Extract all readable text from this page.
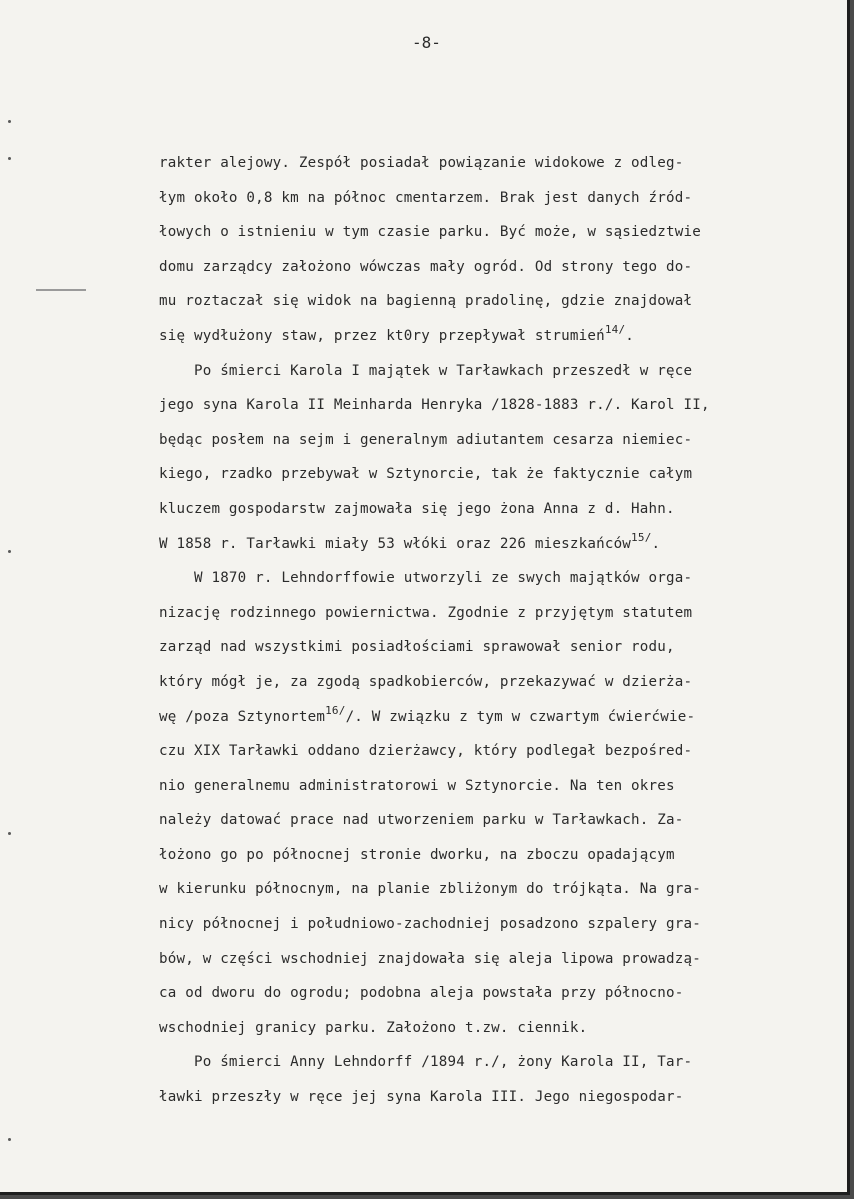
-8-
rakter alejowy. Zespół posiadał powiązanie widokowe z odleg-
łym około 0,8 km na północ cmentarzem. Brak jest danych źród-
łowych o istnieniu w tym czasie parku. Być może, w sąsiedztwie
domu zarządcy założono wówczas mały ogród. Od strony tego do-
mu roztaczał się widok na bagienną pradolinę, gdzie znajdował
się wydłużony staw, przez kt0ry przepływał strumień$^{14/}$.
Po śmierci Karola I majątek w Tarławkach przeszedł w ręce
jego syna Karola II Meinharda Henryka /1828-1883 r./. Karol II,
będąc posłem na sejm i generalnym adiutantem cesarza niemiec-
kiego, rzadko przebywał w Sztynorcie, tak że faktycznie całym
kluczem gospodarstw zajmowała się jego żona Anna z d. Hahn.
W 1858 r. Tarławki miały 53 włóki oraz 226 mieszkańców$^{15/}$.
W 1870 r. Lehndorffowie utworzyli ze swych majątków orga-
nizację rodzinnego powiernictwa. Zgodnie z przyjętym statutem
zarząd nad wszystkimi posiadłościami sprawował senior rodu,
który mógł je, za zgodą spadkobierców, przekazywać w dzierża-
wę /poza Sztynortem$^{16/}$/. W związku z tym w czwartym ćwierćwie-
czu XIX Tarławki oddano dzierżawcy, który podlegał bezpośred-
nio generalnemu administratorowi w Sztynorcie. Na ten okres
należy datować prace nad utworzeniem parku w Tarławkach. Za-
łożono go po północnej stronie dworku, na zboczu opadającym
w kierunku północnym, na planie zbliżonym do trójkąta. Na gra-
nicy północnej i południowo-zachodniej posadzono szpalery gra-
bów, w części wschodniej znajdowała się aleja lipowa prowadzą-
ca od dworu do ogrodu; podobna aleja powstała przy północno-
wschodniej granicy parku. Założono t.zw. ciennik.
Po śmierci Anny Lehndorff /1894 r./, żony Karola II, Tar-
ławki przeszły w ręce jej syna Karola III. Jego niegospodar-
